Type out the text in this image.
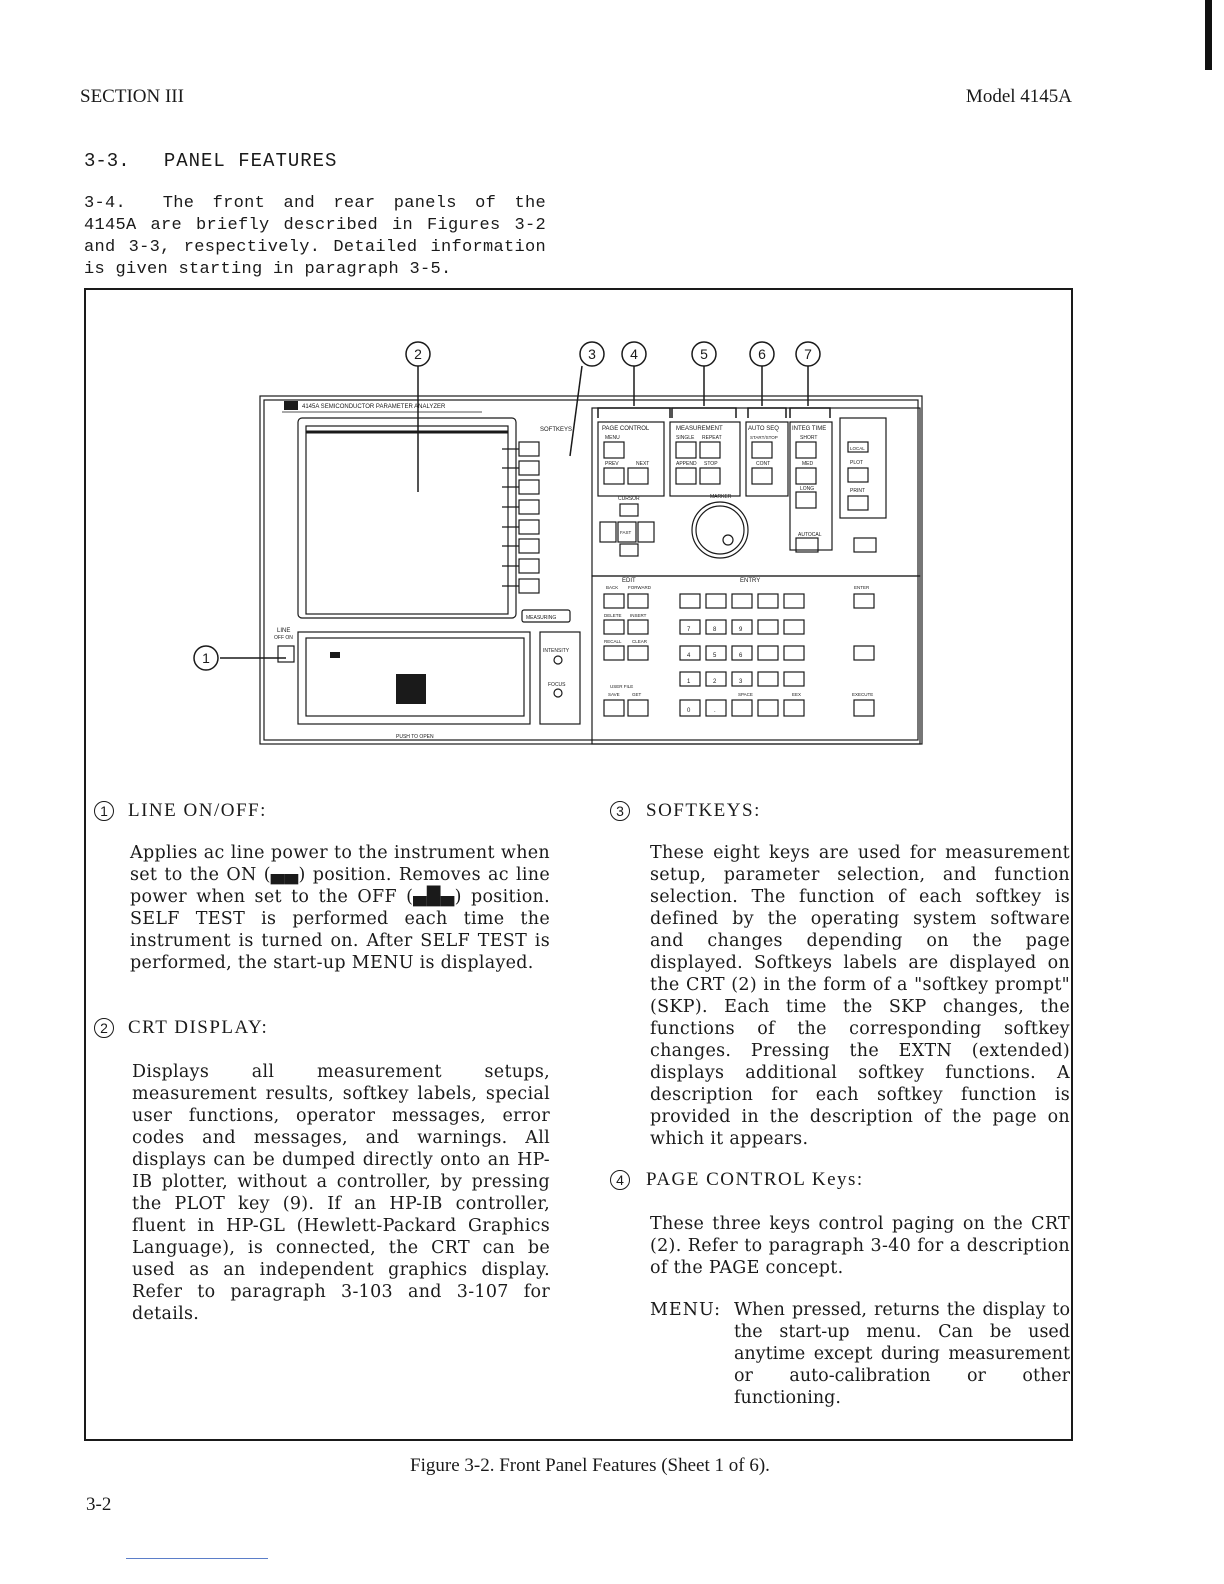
SECTION III	Model 4145A
3-3. PANEL FEATURES
3-4. The front and rear panels of the 4145A are briefly described in Figures 3-2 and 3-3, respectively. Detailed information is given starting in paragraph 3-5.
4145A SEMICONDUCTOR PARAMETER ANALYZER
SOFTKEYS
MEASURING
LINE
OFF ON
INTENSITY
FOCUS
PUSH TO OPEN
PAGE CONTROL
MENU
PREV	NEXT
MEASUREMENT
SINGLE REPEAT
APPEND STOP
AUTO SEQ
START/STOP
CONT
INTEG TIME
SHORT
MED
LONG
AUTOCAL
LOCAL
PLOT
PRINT
CURSOR
FAST
MARKER
EDIT	ENTRY
BACK FORWARD
DELETE INSERT
RECALL CLEAR
USER FILE
SAVE	GET
ENTER
EXECUTE
SPACE	EEX
7	8	9
4	5	6
1	2	3
0	.
2	3 4	5	6	7
1
1	LINE ON/OFF:
Applies ac line power to the instrument when set to the ON (▄▄) position. Removes ac line power when set to the OFF (▄█▄) position. SELF TEST is performed each time the instrument is turned on. After SELF TEST is performed, the start-up MENU is displayed.
2	CRT DISPLAY:
Displays all measurement setups, measurement results, softkey labels, special user functions, operator messages, error codes and messages, and warnings. All displays can be dumped directly onto an HP-IB plotter, without a controller, by pressing the PLOT key (9). If an HP-IB controller, fluent in HP-GL (Hewlett-Packard Graphics Language), is connected, the CRT can be used as an independent graphics display. Refer to paragraph 3-103 and 3-107 for details.
3	SOFTKEYS:
These eight keys are used for measurement setup, parameter selection, and function selection. The function of each softkey is defined by the operating system software and changes depending on the page displayed. Softkeys labels are displayed on the CRT (2) in the form of a "softkey prompt" (SKP). Each time the SKP changes, the functions of the corresponding softkey changes. Pressing the EXTN (extended) displays additional softkey functions. A description for each softkey function is provided in the description of the page on which it appears.
4	PAGE CONTROL Keys:
These three keys control paging on the CRT (2). Refer to paragraph 3-40 for a description of the PAGE concept.
MENU: When pressed, returns the display to the start-up menu. Can be used anytime except during measurement or auto-calibration or other functioning.
Figure 3-2. Front Panel Features (Sheet 1 of 6).
3-2
